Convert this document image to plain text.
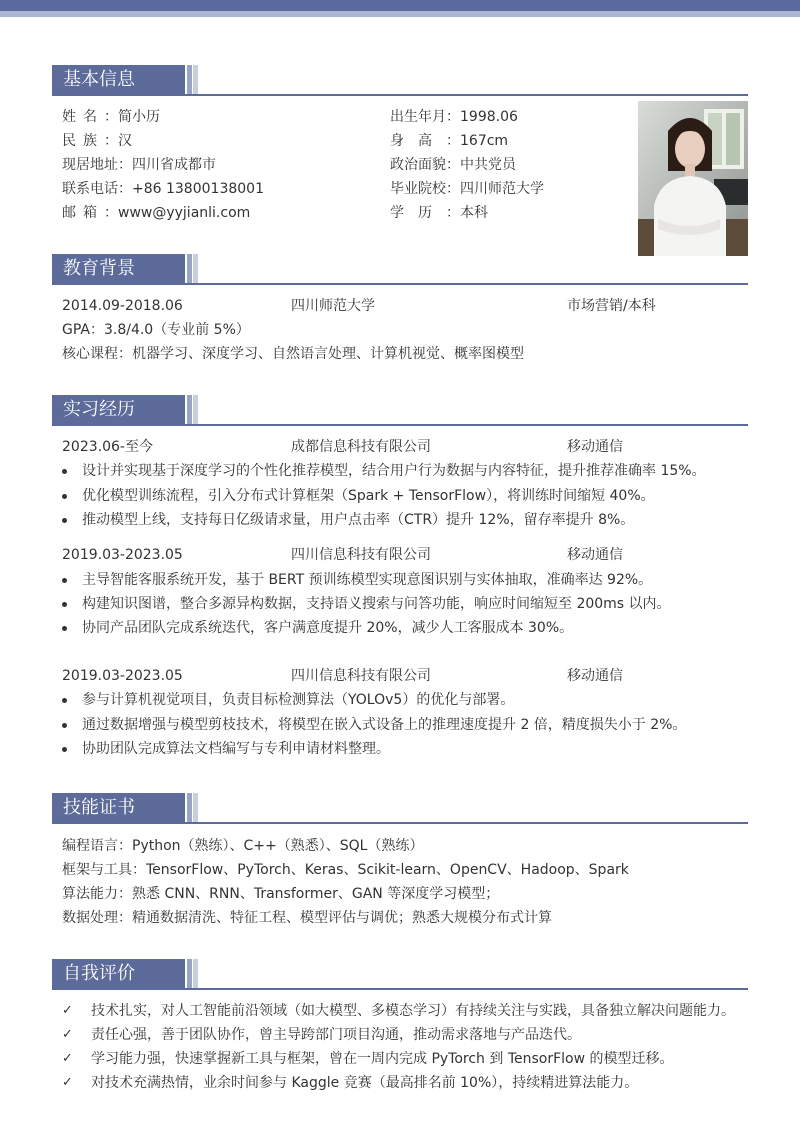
基本信息
姓名：简小历
民族：汉
现居地址：四川省成都市
联系电话：+86 13800138001
邮箱：www@yyjianli.com
出生年月：1998.06
身高：167cm
政治面貌：中共党员
毕业院校：四川师范大学
学历：本科
教育背景
2014.09-2018.06	四川师范大学	市场营销/本科
GPA：3.8/4.0（专业前 5%）
核心课程：机器学习、深度学习、自然语言处理、计算机视觉、概率图模型
实习经历
2023.06-至今	成都信息科技有限公司	移动通信
设计并实现基于深度学习的个性化推荐模型，结合用户行为数据与内容特征，提升推荐准确率 15%。
优化模型训练流程，引入分布式计算框架（Spark + TensorFlow），将训练时间缩短 40%。
推动模型上线，支持每日亿级请求量，用户点击率（CTR）提升 12%，留存率提升 8%。
2019.03-2023.05	四川信息科技有限公司	移动通信
主导智能客服系统开发，基于 BERT 预训练模型实现意图识别与实体抽取，准确率达 92%。
构建知识图谱，整合多源异构数据，支持语义搜索与问答功能，响应时间缩短至 200ms 以内。
协同产品团队完成系统迭代，客户满意度提升 20%，减少人工客服成本 30%。
2019.03-2023.05	四川信息科技有限公司	移动通信
参与计算机视觉项目，负责目标检测算法（YOLOv5）的优化与部署。
通过数据增强与模型剪枝技术，将模型在嵌入式设备上的推理速度提升 2 倍，精度损失小于 2%。
协助团队完成算法文档编写与专利申请材料整理。
技能证书
编程语言：Python（熟练）、C++（熟悉）、SQL（熟练）
框架与工具：TensorFlow、PyTorch、Keras、Scikit-learn、OpenCV、Hadoop、Spark
算法能力：熟悉 CNN、RNN、Transformer、GAN 等深度学习模型；
数据处理：精通数据清洗、特征工程、模型评估与调优；熟悉大规模分布式计算
自我评价
✓ 技术扎实，对人工智能前沿领域（如大模型、多模态学习）有持续关注与实践，具备独立解决问题能力。
✓ 责任心强，善于团队协作，曾主导跨部门项目沟通，推动需求落地与产品迭代。
✓ 学习能力强，快速掌握新工具与框架，曾在一周内完成 PyTorch 到 TensorFlow 的模型迁移。
✓ 对技术充满热情，业余时间参与 Kaggle 竞赛（最高排名前 10%），持续精进算法能力。
